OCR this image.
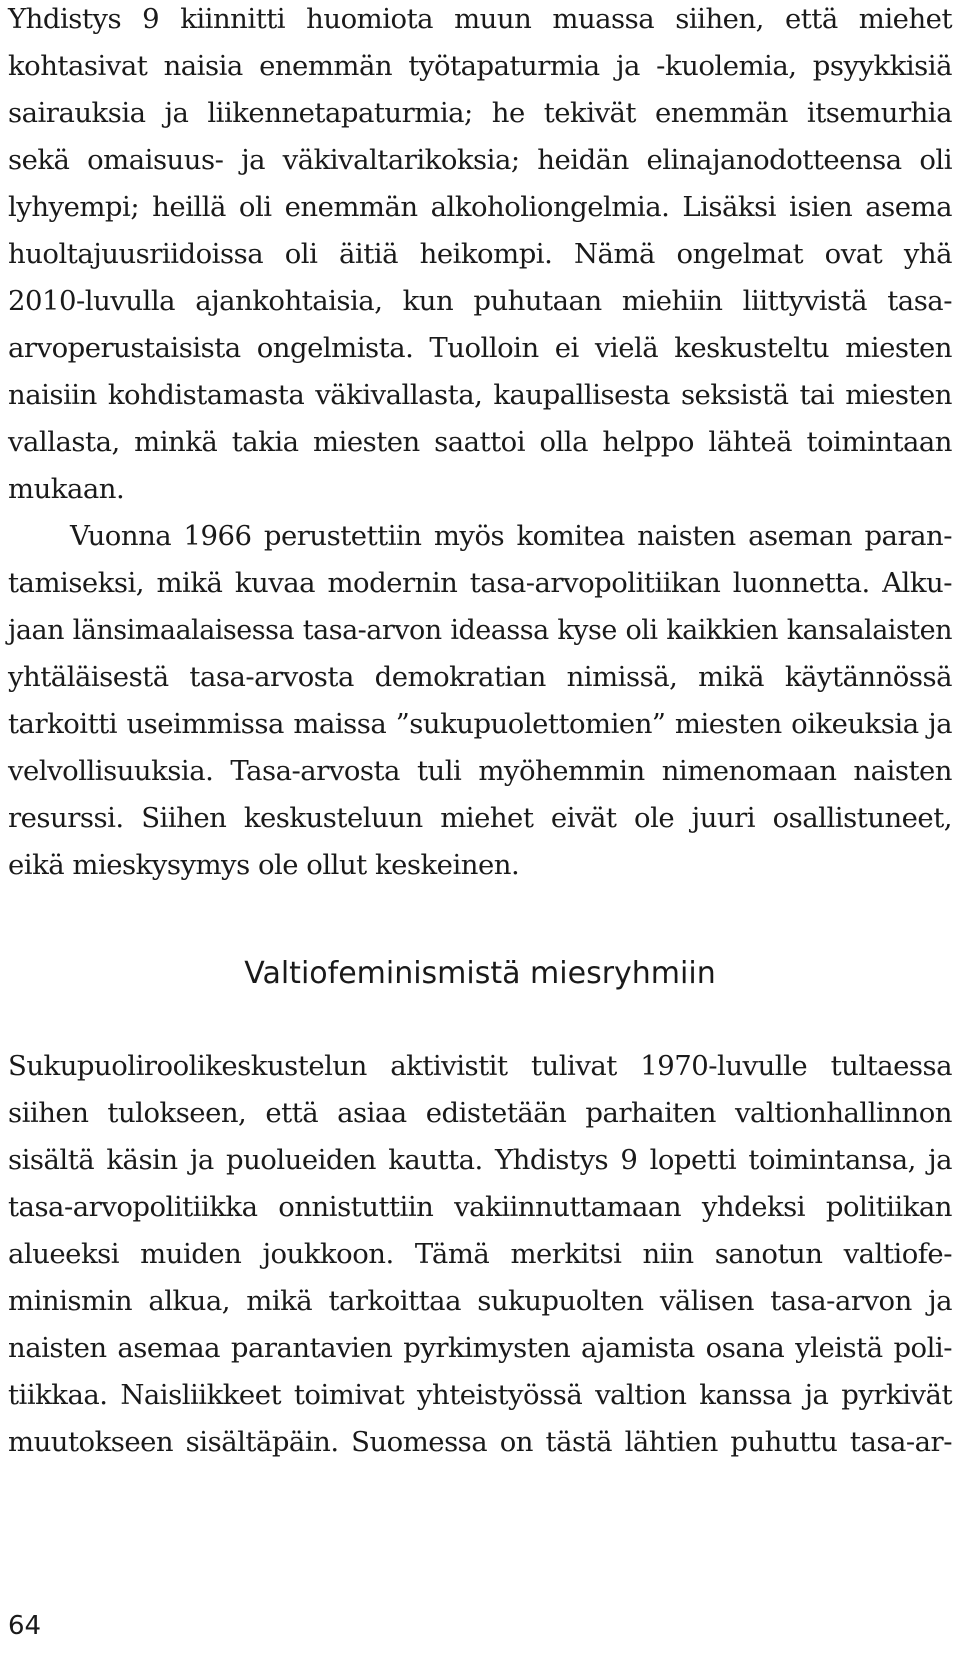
Yhdistys 9 kiinnitti huomiota muun muassa siihen, että miehet
kohtasivat naisia enemmän työtapaturmia ja -kuolemia, psyykkisiä
sairauksia ja liikennetapaturmia; he tekivät enemmän itsemurhia
sekä omaisuus- ja väkivaltarikoksia; heidän elinajanodotteensa oli
lyhyempi; heillä oli enemmän alkoholiongelmia. Lisäksi isien asema
huoltajuusriidoissa oli äitiä heikompi. Nämä ongelmat ovat yhä
2010-luvulla ajankohtaisia, kun puhutaan miehiin liittyvistä tasa-
arvoperustaisista ongelmista. Tuolloin ei vielä keskusteltu miesten
naisiin kohdistamasta väkivallasta, kaupallisesta seksistä tai miesten
vallasta, minkä takia miesten saattoi olla helppo lähteä toimintaan
mukaan.
Vuonna 1966 perustettiin myös komitea naisten aseman paran-
tamiseksi, mikä kuvaa modernin tasa-arvopolitiikan luonnetta. Alku-
jaan länsimaalaisessa tasa-arvon ideassa kyse oli kaikkien kansalaisten
yhtäläisestä tasa-arvosta demokratian nimissä, mikä käytännössä
tarkoitti useimmissa maissa ”sukupuolettomien” miesten oikeuksia ja
velvollisuuksia. Tasa-arvosta tuli myöhemmin nimenomaan naisten
resurssi. Siihen keskusteluun miehet eivät ole juuri osallistuneet,
eikä mieskysymys ole ollut keskeinen.
Valtiofeminismistä miesryhmiin
Sukupuoliroolikeskustelun aktivistit tulivat 1970-luvulle tultaessa
siihen tulokseen, että asiaa edistetään parhaiten valtionhallinnon
sisältä käsin ja puolueiden kautta. Yhdistys 9 lopetti toimintansa, ja
tasa-arvopolitiikka onnistuttiin vakiinnuttamaan yhdeksi politiikan
alueeksi muiden joukkoon. Tämä merkitsi niin sanotun valtiofe-
minismin alkua, mikä tarkoittaa sukupuolten välisen tasa-arvon ja
naisten asemaa parantavien pyrkimysten ajamista osana yleistä poli-
tiikkaa. Naisliikkeet toimivat yhteistyössä valtion kanssa ja pyrkivät
muutokseen sisältäpäin. Suomessa on tästä lähtien puhuttu tasa-ar-
64
